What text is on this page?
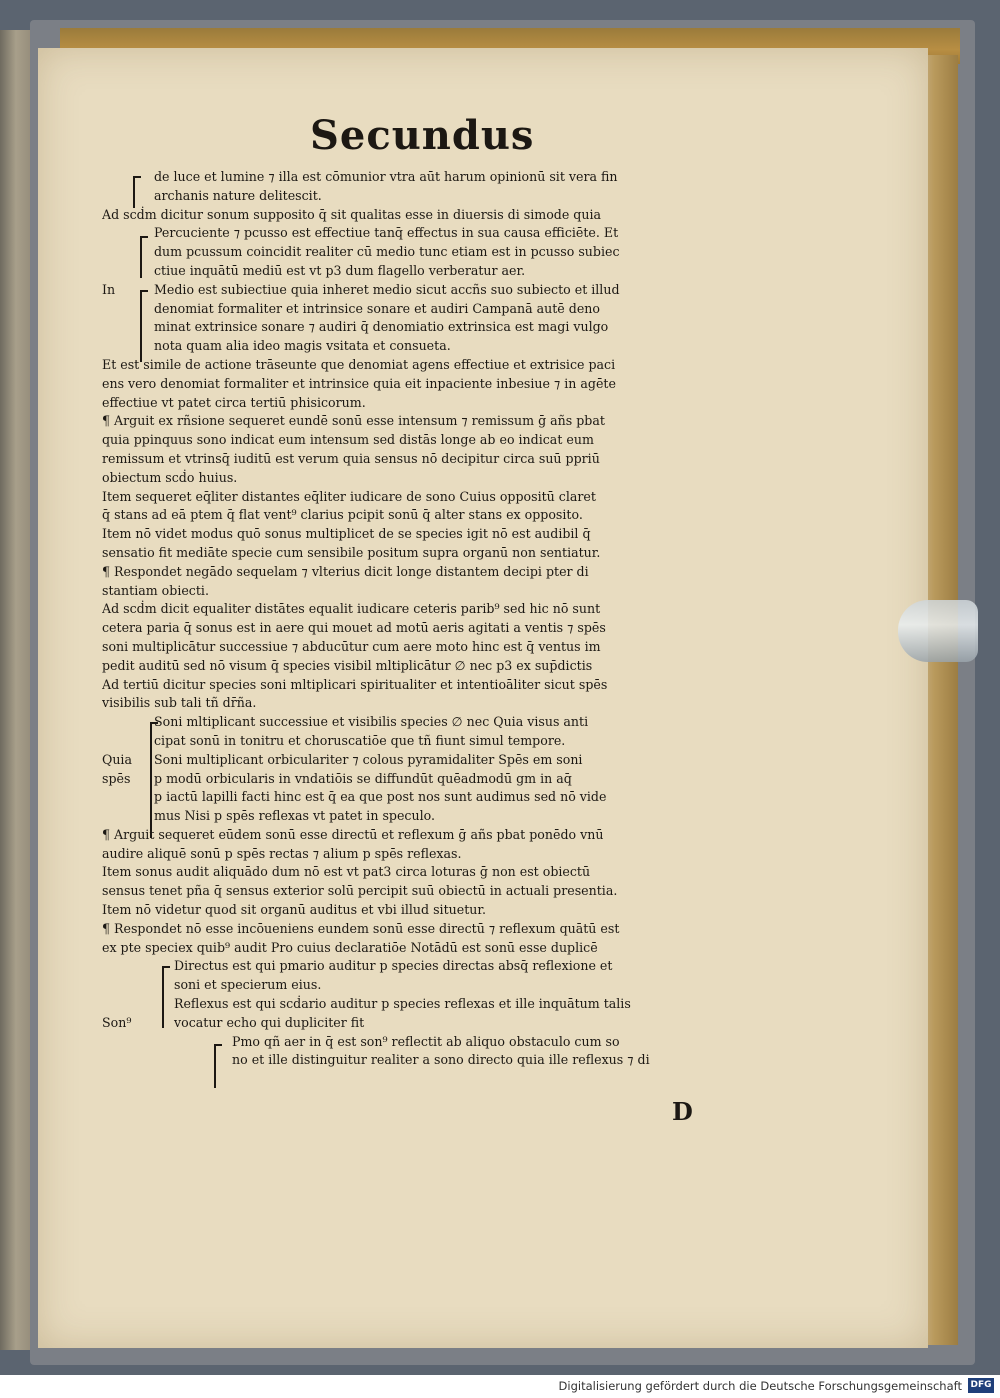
Secundus
de luce et lumine ⁊ illa est cōmunior vtra aūt harum opinionū sit vera fin
archanis nature delitescit.
Ad scḋm dicitur sonum supposito q̄ sit qualitas esse in diuersis di simode quia
Percuciente ⁊ pcusso est effectiue tanq̄ effectus in sua causa efficiēte. Et
dum pcussum coincidit realiter cū medio tunc etiam est in pcusso subiec
ctiue inquātū mediū est vt p3 dum flagello verberatur aer.
In	Medio est subiectiue quia inheret medio sicut accñs suo subiecto et illud
denomiat formaliter et intrinsice sonare et audiri Campanā autē deno
minat extrinsice sonare ⁊ audiri q̄ denomiatio extrinsica est magi vulgo
nota quam alia ideo magis vsitata et consueta.
Et est simile de actione trāseunte que denomiat agens effectiue et extrisice paci
ens vero denomiat formaliter et intrinsice quia eit inpaciente inbesiue ⁊ in agēte
effectiue vt patet circa tertiū phisicorum.
¶ Arguit ex rñsione sequeret eundē sonū esse intensum ⁊ remissum ḡ añs pbat
quia ppinquus sono indicat eum intensum sed distās longe ab eo indicat eum
remissum et vtrinsq̄ iuditū est verum quia sensus nō decipitur circa suū ppriū
obiectum scḋo huius.
Item sequeret eq̄liter distantes eq̄liter iudicare de sono Cuius oppositū claret
q̄ stans ad eā ptem q̄ flat vent⁹ clarius pcipit sonū q̄ alter stans ex opposito.
Item nō videt modus quō sonus multiplicet de se species igit nō est audibil q̄
sensatio fit mediāte specie cum sensibile positum supra organū non sentiatur.
¶ Respondet negādo sequelam ⁊ vlterius dicit longe distantem decipi pter di
stantiam obiecti.
Ad scḋm dicit equaliter distātes equalit iudicare ceteris parib⁹ sed hic nō sunt
cetera paria q̄ sonus est in aere qui mouet ad motū aeris agitati a ventis ⁊ spēs
soni multiplicātur successiue ⁊ abducūtur cum aere moto hinc est q̄ ventus im
pedit auditū sed nō visum q̄ species visibil mltiplicātur ∅ nec p3 ex sup̄dictis
Ad tertiū dicitur species soni mltiplicari spiritualiter et intentioāliter sicut spēs
visibilis sub tali tñ dr̄ña.
Soni mltiplicant successiue et visibilis species ∅ nec Quia visus anti
cipat sonū in tonitru et choruscatiōe que tñ fiunt simul tempore.
Quia	Soni multiplicant orbiculariter ⁊ colous pyramidaliter Spēs em soni
spēs	p modū orbicularis in vndatiōis se diffundūt quēadmodū gm in aq̄
p iactū lapilli facti hinc est q̄ ea que post nos sunt audimus sed nō vide
mus Nisi p spēs reflexas vt patet in speculo.
¶ Arguit sequeret eūdem sonū esse directū et reflexum ḡ añs pbat ponēdo vnū
audire aliquē sonū p spēs rectas ⁊ alium p spēs reflexas.
Item sonus audit aliquādo dum nō est vt pat3 circa loturas ḡ non est obiectū
sensus tenet pña q̄ sensus exterior solū percipit suū obiectū in actuali presentia.
Item nō videtur quod sit organū auditus et vbi illud situetur.
¶ Respondet nō esse incōueniens eundem sonū esse directū ⁊ reflexum quātū est
ex pte speciex quib⁹ audit Pro cuius declaratiōe Notādū est sonū esse duplicē
Directus est qui pmario auditur p species directas absq̄ reflexione et
soni et specierum eius.
Reflexus est qui scḋario auditur p species reflexas et ille inquātum talis
Son⁹	vocatur echo qui dupliciter fit
Pmo qñ aer in q̄ est son⁹ reflectit ab aliquo obstaculo cum so
no et ille distinguitur realiter a sono directo quia ille reflexus ⁊ di
D
Digitalisierung gefördert durch die Deutsche Forschungsgemeinschaft DFG
